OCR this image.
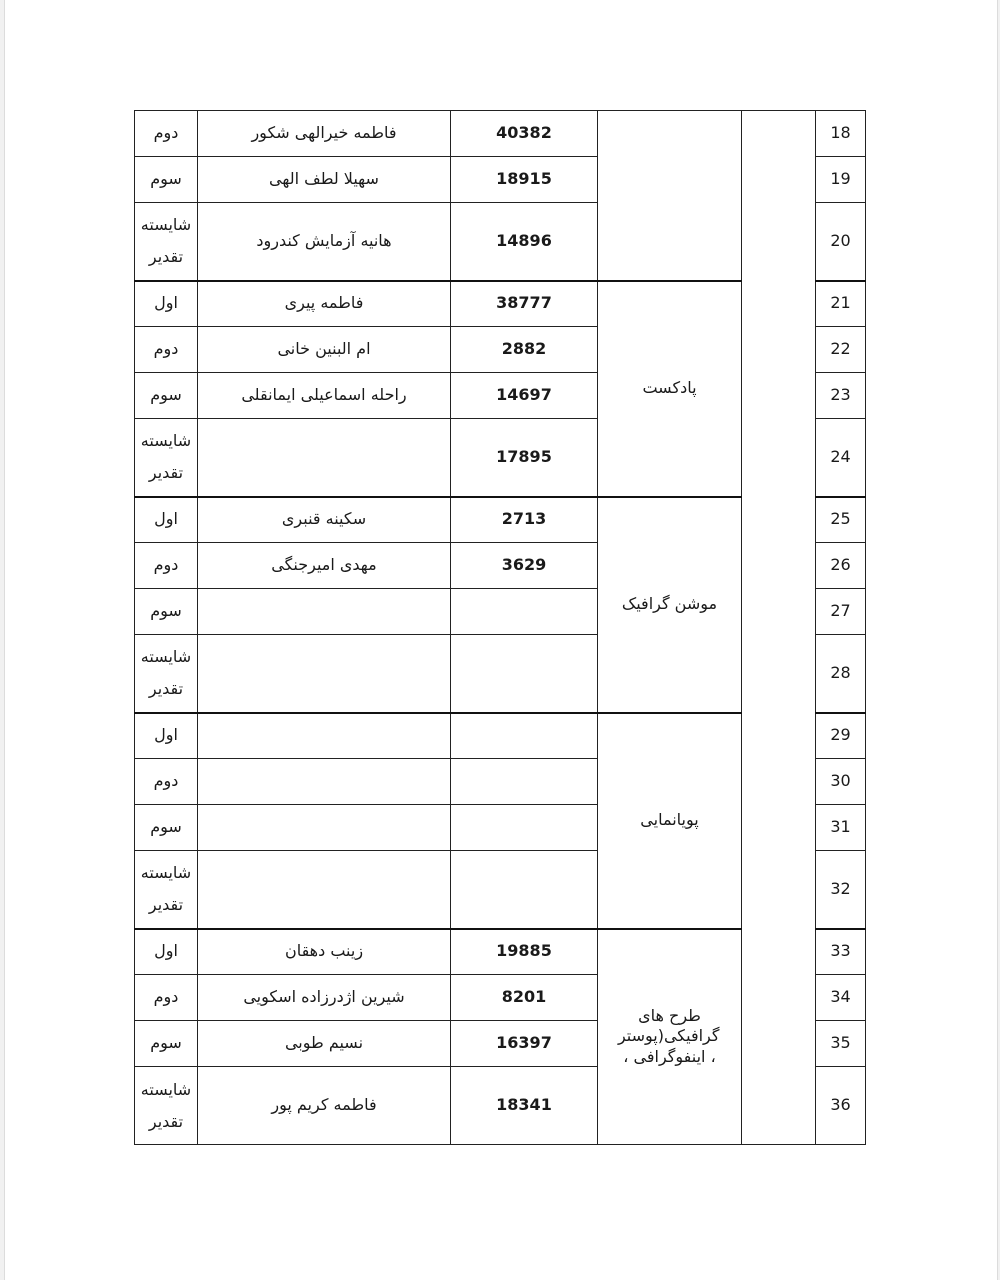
دوم	فاطمه خیرالهی شکور	40382			18
سوم	سهیلا لطف الهی	18915			19
شایسته تقدیر	هانیه آزمایش کندرود	14896			20
اول	فاطمه پیری	38777	پادکست		21
دوم	ام البنین خانی	2882			22
سوم	راحله اسماعیلی ایمانقلی	14697			23
شایسته تقدیر		17895			24
اول	سکینه قنبری	2713	موشن گرافیک		25
دوم	مهدی امیرجنگی	3629			26
سوم					27
شایسته تقدیر					28
اول			پویانمایی		29
دوم					30
سوم					31
شایسته تقدیر					32
اول	زینب دهقان	19885	طرح های گرافیکی(پوستر ، اینفوگرافی ،		33
دوم	شیرین اژدرزاده اسکویی	8201			34
سوم	نسیم طوبی	16397			35
شایسته تقدیر	فاطمه کریم پور	18341			36
